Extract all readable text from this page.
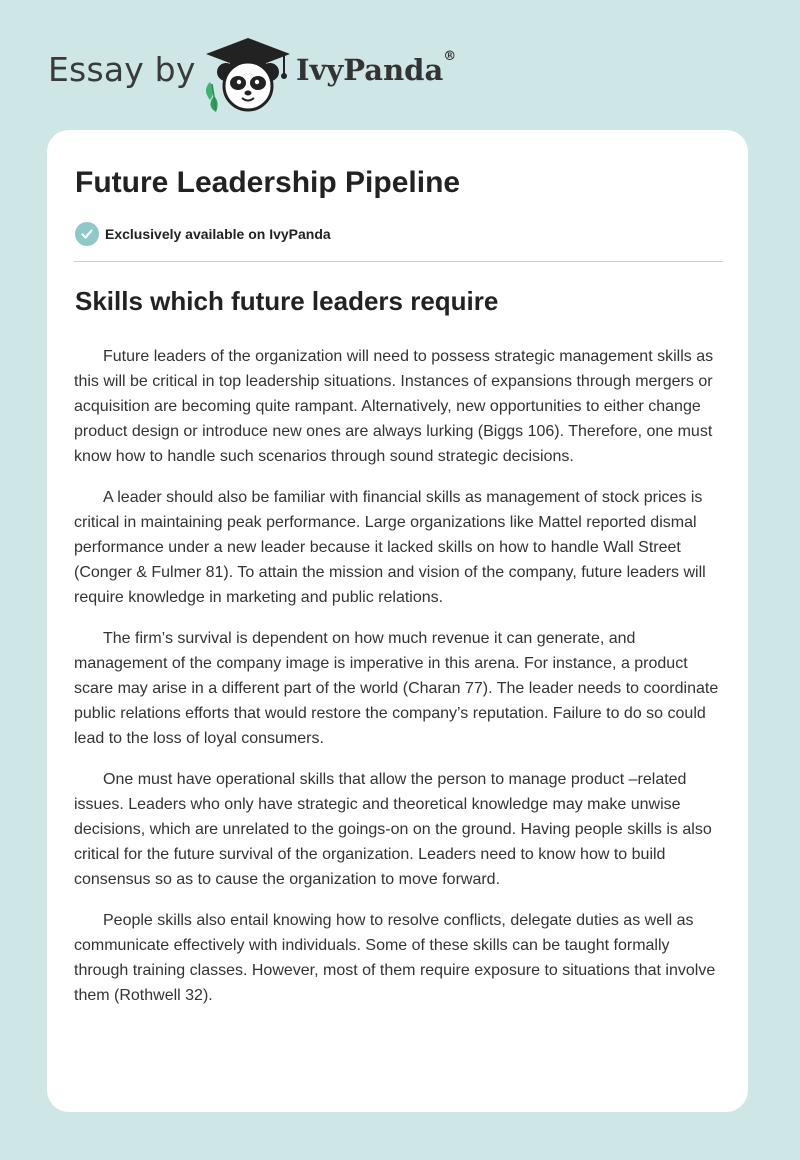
Essay by	IvyPanda®
Future Leadership Pipeline
Exclusively available on IvyPanda
Skills which future leaders require

Future leaders of the organization will need to possess strategic management skills as this will be critical in top leadership situations. Instances of expansions through mergers or acquisition are becoming quite rampant. Alternatively, new opportunities to either change product design or introduce new ones are always lurking (Biggs 106). Therefore, one must know how to handle such scenarios through sound strategic decisions.

A leader should also be familiar with financial skills as management of stock prices is critical in maintaining peak performance. Large organizations like Mattel reported dismal performance under a new leader because it lacked skills on how to handle Wall Street (Conger & Fulmer 81). To attain the mission and vision of the company, future leaders will require knowledge in marketing and public relations.

The firm’s survival is dependent on how much revenue it can generate, and management of the company image is imperative in this arena. For instance, a product scare may arise in a different part of the world (Charan 77). The leader needs to coordinate public relations efforts that would restore the company’s reputation. Failure to do so could lead to the loss of loyal consumers.

One must have operational skills that allow the person to manage product –related issues. Leaders who only have strategic and theoretical knowledge may make unwise decisions, which are unrelated to the goings-on on the ground. Having people skills is also critical for the future survival of the organization. Leaders need to know how to build consensus so as to cause the organization to move forward.

People skills also entail knowing how to resolve conflicts, delegate duties as well as communicate effectively with individuals. Some of these skills can be taught formally through training classes. However, most of them require exposure to situations that involve them (Rothwell 32).
